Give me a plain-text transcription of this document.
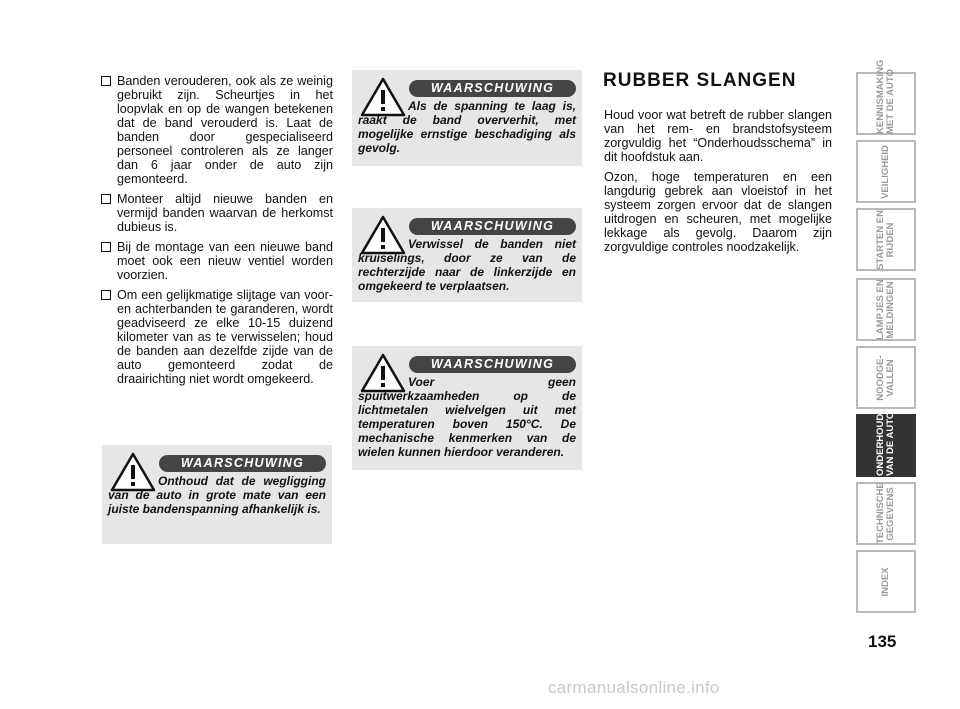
Banden verouderen, ook als ze weinig gebruikt zijn. Scheurtjes in het loopvlak en op de wangen betekenen dat de band verouderd is. Laat de banden door gespecialiseerd personeel controleren als ze langer dan 6 jaar onder de auto zijn gemonteerd.
Monteer altijd nieuwe banden en vermijd banden waarvan de herkomst dubieus is.
Bij de montage van een nieuwe band moet ook een nieuw ventiel worden voorzien.
Om een gelijkmatige slijtage van voor- en achterbanden te garanderen, wordt geadviseerd ze elke 10-15 duizend kilometer van as te verwisselen; houd de banden aan dezelfde zijde van de auto gemonteerd zodat de draairichting niet wordt omgekeerd.
WAARSCHUWING
Als de spanning te laag is, raakt de band oververhit, met mogelijke ernstige beschadiging als gevolg.
WAARSCHUWING
Verwissel de banden niet kruiselings, door ze van de rechterzijde naar de linkerzijde en omgekeerd te verplaatsen.
WAARSCHUWING
Voer geen spuitwerkzaamheden op de lichtmetalen wielvelgen uit met temperaturen boven 150°C. De mechanische kenmerken van de wielen kunnen hierdoor veranderen.
WAARSCHUWING
Onthoud dat de wegligging van de auto in grote mate van een juiste bandenspanning afhankelijk is.
RUBBER SLANGEN

Houd voor wat betreft de rubber slangen van het rem- en brandstofsysteem zorgvuldig het “Onderhoudsschema” in dit hoofdstuk aan.

Ozon, hoge temperaturen en een langdurig gebrek aan vloeistof in het systeem zorgen ervoor dat de slangen uitdrogen en scheuren, met mogelijke lekkage als gevolg. Daarom zijn zorgvuldige controles noodzakelijk.

KENNISMAKING
MET DE AUTO
VEILIGHEID
STARTEN EN
RIJDEN
LAMPJES EN
MELDINGEN
NOODGE-
VALLEN
ONDERHOUD
VAN DE AUTO
TECHNISCHE
GEGEVENS
INDEX
135
carmanualsonline.info
